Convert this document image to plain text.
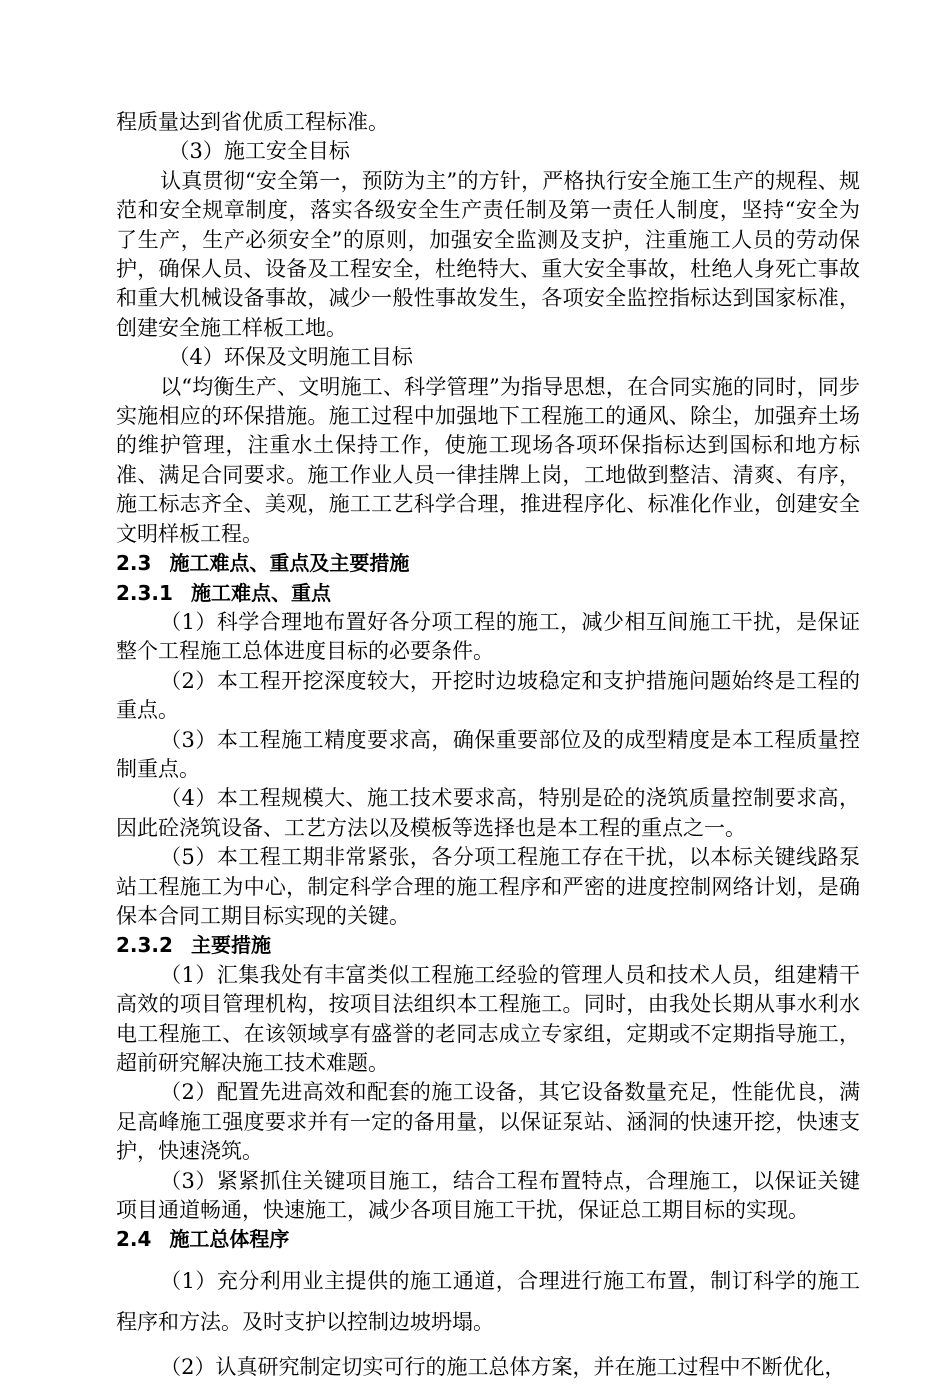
程质量达到省优质工程标准。

（3）施工安全目标

认真贯彻“安全第一，预防为主”的方针，严格执行安全施工生产的规程、规范和安全规章制度，落实各级安全生产责任制及第一责任人制度，坚持“安全为了生产，生产必须安全”的原则，加强安全监测及支护，注重施工人员的劳动保护，确保人员、设备及工程安全，杜绝特大、重大安全事故，杜绝人身死亡事故和重大机械设备事故，减少一般性事故发生，各项安全监控指标达到国家标准，创建安全施工样板工地。

（4）环保及文明施工目标

以“均衡生产、文明施工、科学管理”为指导思想，在合同实施的同时，同步实施相应的环保措施。施工过程中加强地下工程施工的通风、除尘，加强弃土场的维护管理，注重水土保持工作，使施工现场各项环保指标达到国标和地方标准、满足合同要求。施工作业人员一律挂牌上岗，工地做到整洁、清爽、有序，施工标志齐全、美观，施工工艺科学合理，推进程序化、标准化作业，创建安全文明样板工程。

2.3 施工难点、重点及主要措施
2.3.1 施工难点、重点

（1）科学合理地布置好各分项工程的施工，减少相互间施工干扰，是保证整个工程施工总体进度目标的必要条件。

（2）本工程开挖深度较大，开挖时边坡稳定和支护措施问题始终是工程的重点。

（3）本工程施工精度要求高，确保重要部位及的成型精度是本工程质量控制重点。

（4）本工程规模大、施工技术要求高，特别是砼的浇筑质量控制要求高，因此砼浇筑设备、工艺方法以及模板等选择也是本工程的重点之一。

（5）本工程工期非常紧张，各分项工程施工存在干扰，以本标关键线路泵站工程施工为中心，制定科学合理的施工程序和严密的进度控制网络计划，是确保本合同工期目标实现的关键。

2.3.2 主要措施

（1）汇集我处有丰富类似工程施工经验的管理人员和技术人员，组建精干高效的项目管理机构，按项目法组织本工程施工。同时，由我处长期从事水利水电工程施工、在该领域享有盛誉的老同志成立专家组，定期或不定期指导施工，超前研究解决施工技术难题。

（2）配置先进高效和配套的施工设备，其它设备数量充足，性能优良，满足高峰施工强度要求并有一定的备用量，以保证泵站、涵洞的快速开挖，快速支护，快速浇筑。

（3）紧紧抓住关键项目施工，结合工程布置特点，合理施工，以保证关键项目通道畅通，快速施工，减少各项目施工干扰，保证总工期目标的实现。

2.4 施工总体程序

（1）充分利用业主提供的施工通道，合理进行施工布置，制订科学的施工程序和方法。及时支护以控制边坡坍塌。

（2）认真研究制定切实可行的施工总体方案，并在施工过程中不断优化，
